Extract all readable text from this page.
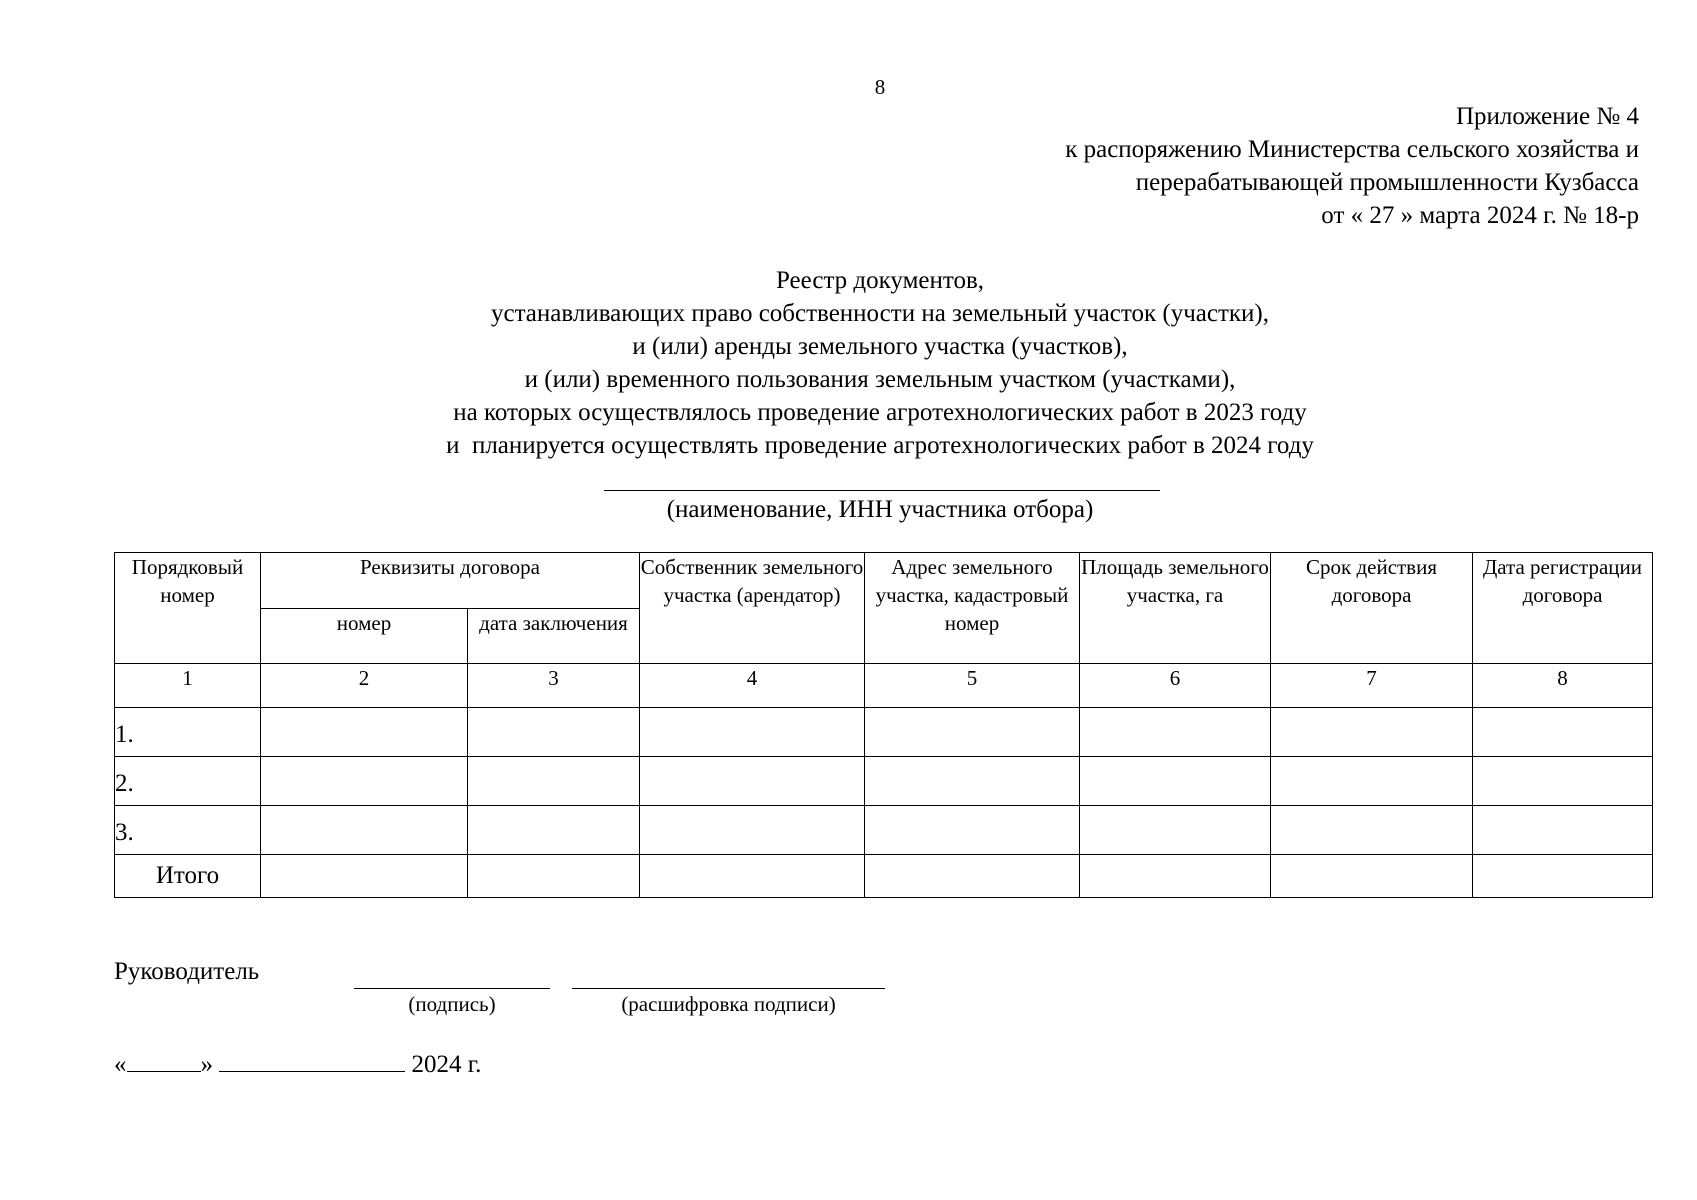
8
Приложение № 4
к распоряжению Министерства сельского хозяйства и
перерабатывающей промышленности Кузбасса
от « 27 » марта 2024 г. № 18-р
Реестр документов,
устанавливающих право собственности на земельный участок (участки),
и (или) аренды земельного участка (участков),
и (или) временного пользования земельным участком (участками),
на которых осуществлялось проведение агротехнологических работ в 2023 году
и  планируется осуществлять проведение агротехнологических работ в 2024 году
(наименование, ИНН участника отбора)
Порядковый номер	Реквизиты договора		Собственник земельного участка (арендатор)	Адрес земельного участка, кадастровый номер	Площадь земельного участка, га	Срок действия договора	Дата регистрации договора
	номер	дата заключения					
1	2	3	4	5	6	7	8
1.							
2.							
3.							
Итого							
Руководитель
(подпись)	(расшифровка подписи)
«	»	2024 г.
